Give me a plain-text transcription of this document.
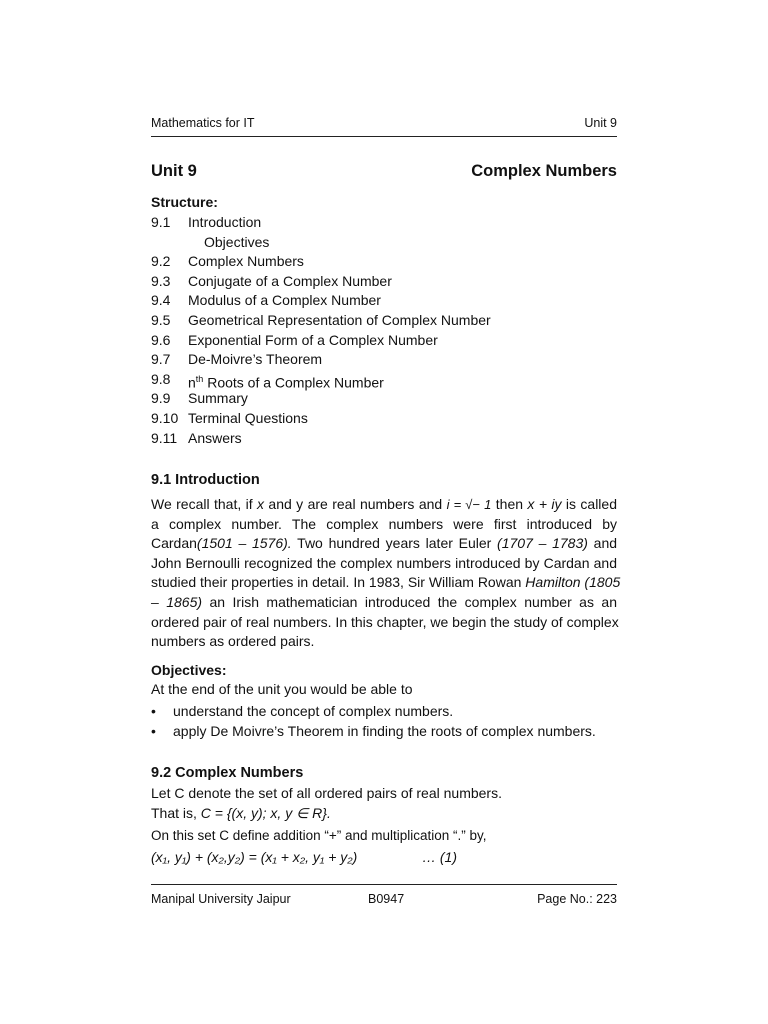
Mathematics for IT	Unit 9
Unit 9	Complex Numbers
Structure:
9.1 Introduction
Objectives
9.2 Complex Numbers
9.3 Conjugate of a Complex Number
9.4 Modulus of a Complex Number
9.5 Geometrical Representation of Complex Number
9.6 Exponential Form of a Complex Number
9.7 De-Moivre’s Theorem
9.8 $n^{th}$ Roots of a Complex Number
9.9 Summary
9.10 Terminal Questions
9.11 Answers
9.1 Introduction
We recall that, if x and y are real numbers and i = √− 1 then x + iy is called
a complex number. The complex numbers were first introduced by
Cardan(1501 – 1576). Two hundred years later Euler (1707 – 1783) and
John Bernoulli recognized the complex numbers introduced by Cardan and
studied their properties in detail. In 1983, Sir William Rowan Hamilton (1805
– 1865) an Irish mathematician introduced the complex number as an
ordered pair of real numbers. In this chapter, we begin the study of complex
numbers as ordered pairs.
Objectives:
At the end of the unit you would be able to
• understand the concept of complex numbers.
• apply De Moivre’s Theorem in finding the roots of complex numbers.
9.2 Complex Numbers
Let C denote the set of all ordered pairs of real numbers.
That is, C = {(x, y); x, y ∈ R}.
On this set C define addition “+” and multiplication “.” by,
(x₁, y₁) + (x₂,y₂) = (x₁ + x₂, y₁ + y₂)	… (1)
Manipal University Jaipur	B0947	Page No.: 223
